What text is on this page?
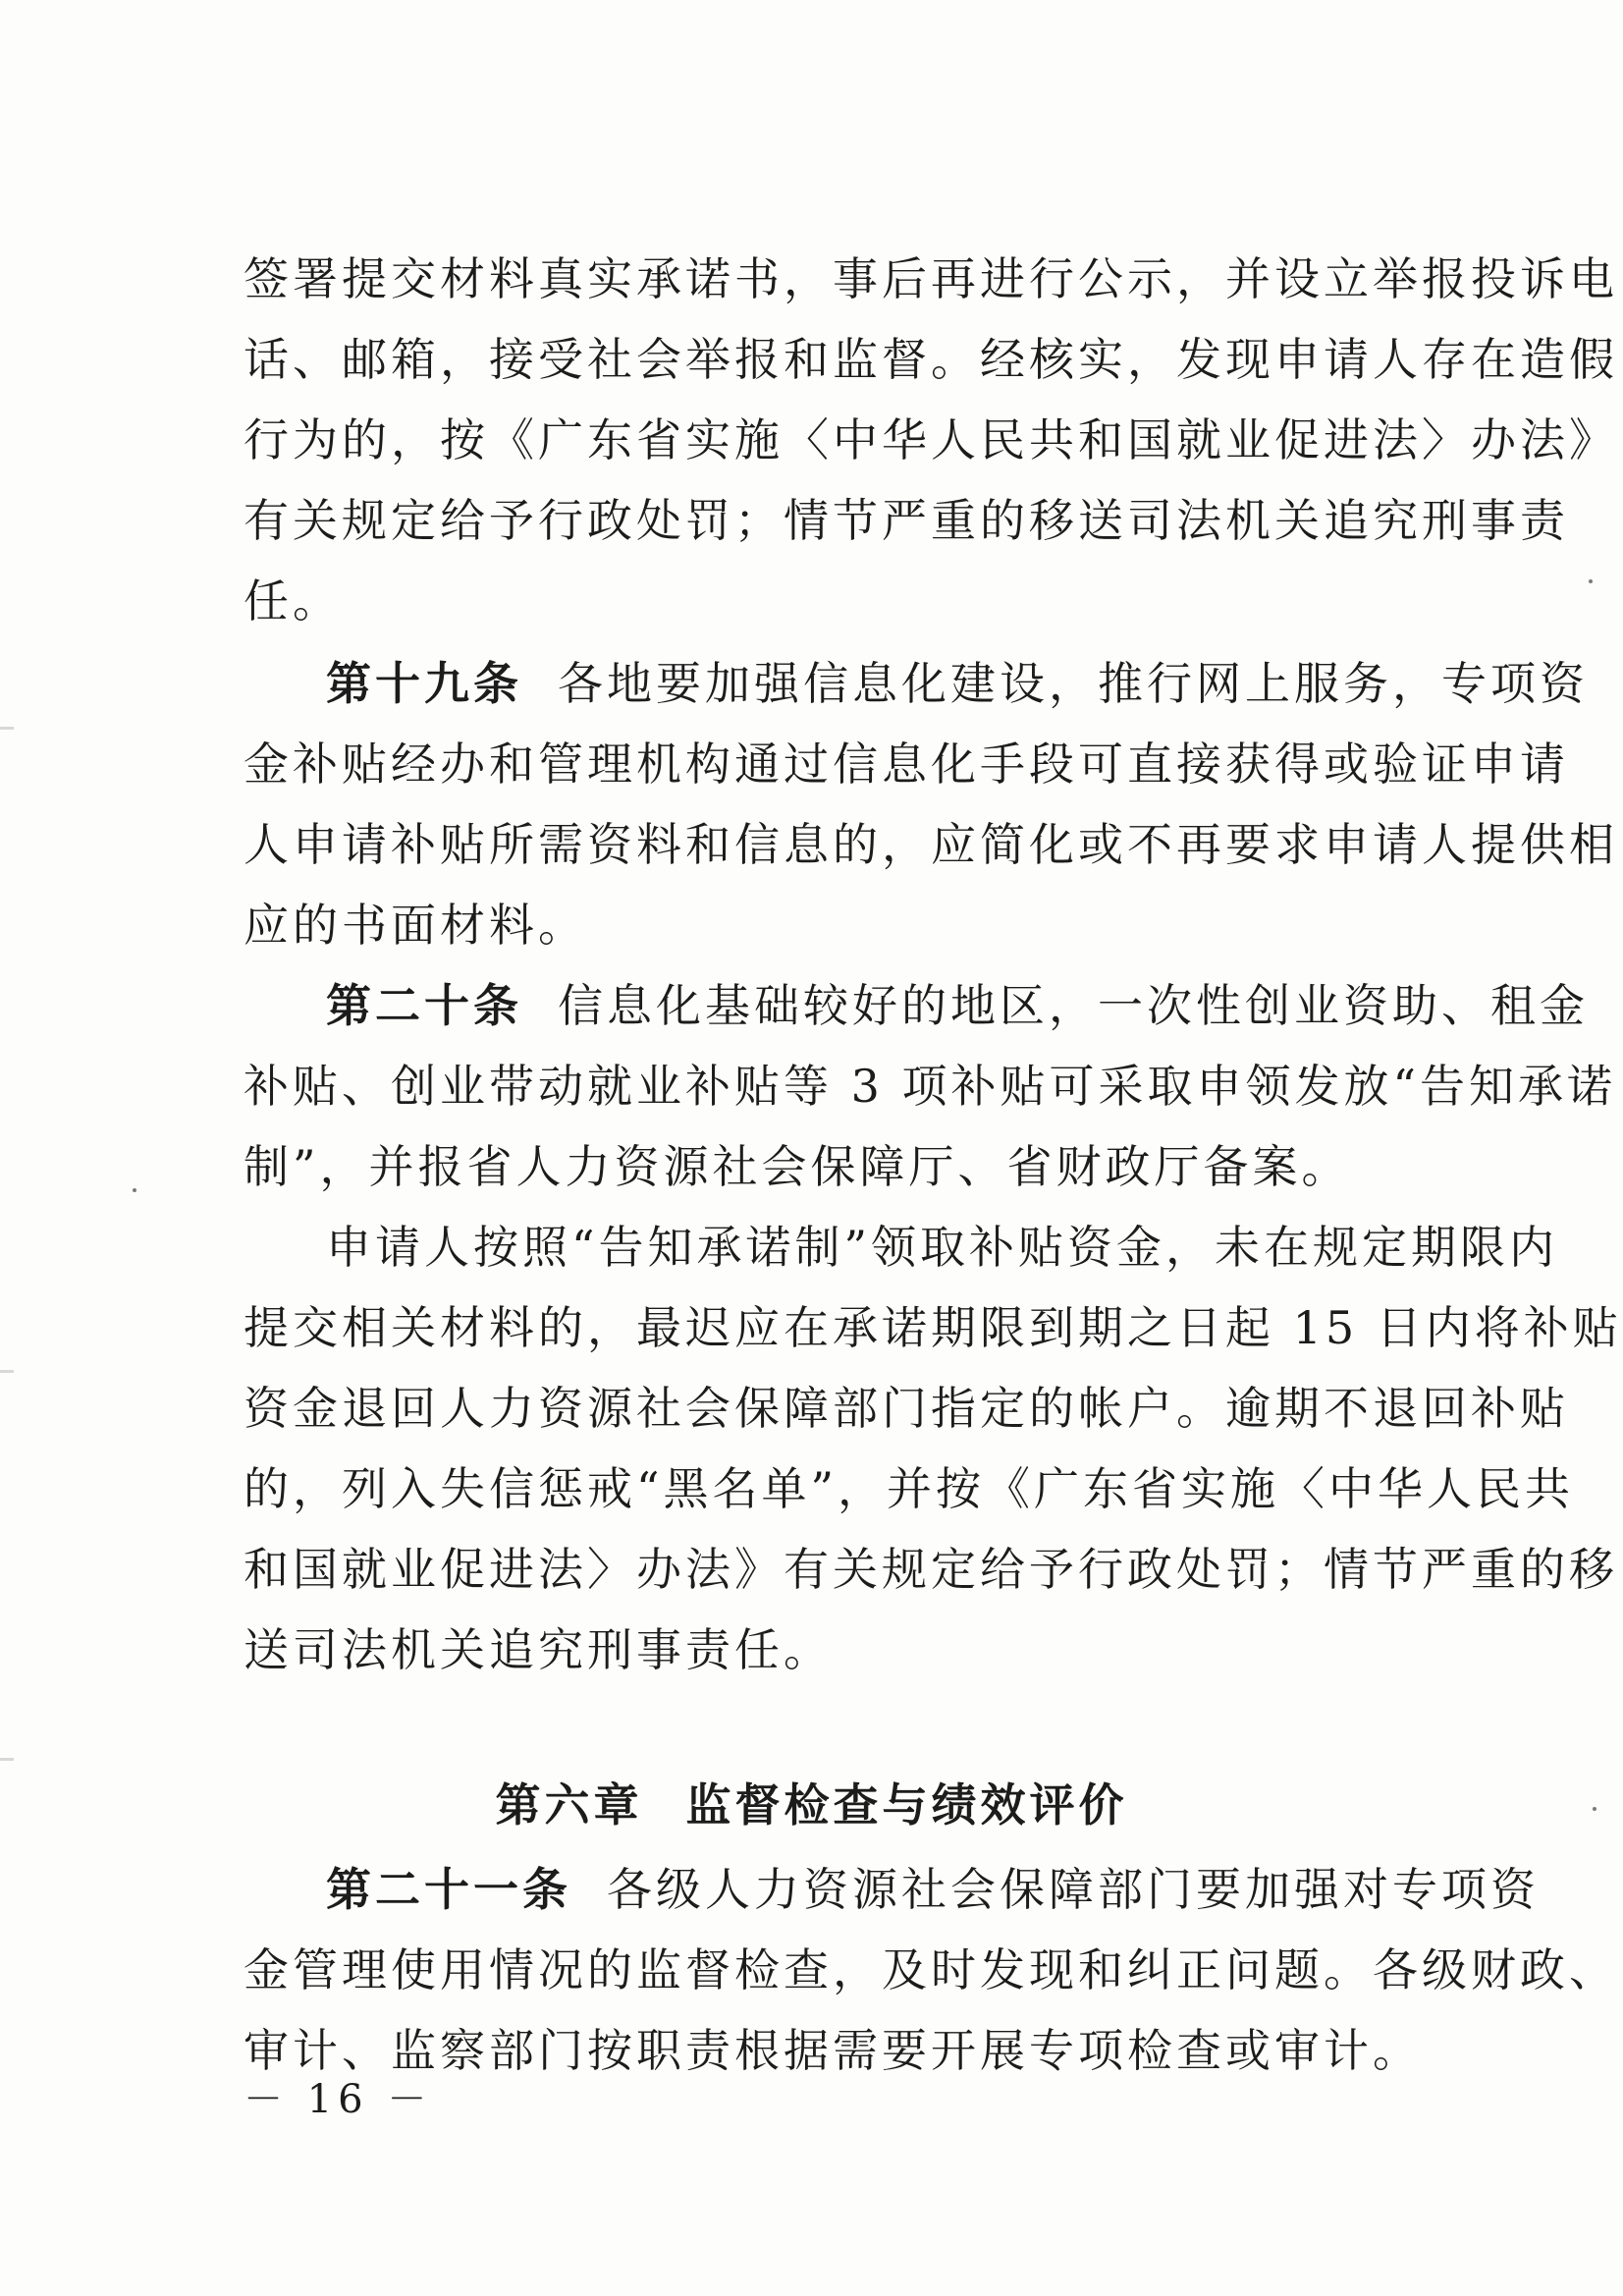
签署提交材料真实承诺书，事后再进行公示，并设立举报投诉电
话、邮箱，接受社会举报和监督。经核实，发现申请人存在造假
行为的，按《广东省实施〈中华人民共和国就业促进法〉办法》
有关规定给予行政处罚；情节严重的移送司法机关追究刑事责
任。
第十九条 各地要加强信息化建设，推行网上服务，专项资
金补贴经办和管理机构通过信息化手段可直接获得或验证申请
人申请补贴所需资料和信息的，应简化或不再要求申请人提供相
应的书面材料。
第二十条 信息化基础较好的地区，一次性创业资助、租金
补贴、创业带动就业补贴等 3 项补贴可采取申领发放“告知承诺
制”，并报省人力资源社会保障厅、省财政厅备案。
申请人按照“告知承诺制”领取补贴资金，未在规定期限内
提交相关材料的，最迟应在承诺期限到期之日起 15 日内将补贴
资金退回人力资源社会保障部门指定的帐户。逾期不退回补贴
的，列入失信惩戒“黑名单”，并按《广东省实施〈中华人民共
和国就业促进法〉办法》有关规定给予行政处罚；情节严重的移
送司法机关追究刑事责任。
第六章 监督检查与绩效评价
第二十一条 各级人力资源社会保障部门要加强对专项资
金管理使用情况的监督检查，及时发现和纠正问题。各级财政、
审计、监察部门按职责根据需要开展专项检查或审计。
－ 16 －
